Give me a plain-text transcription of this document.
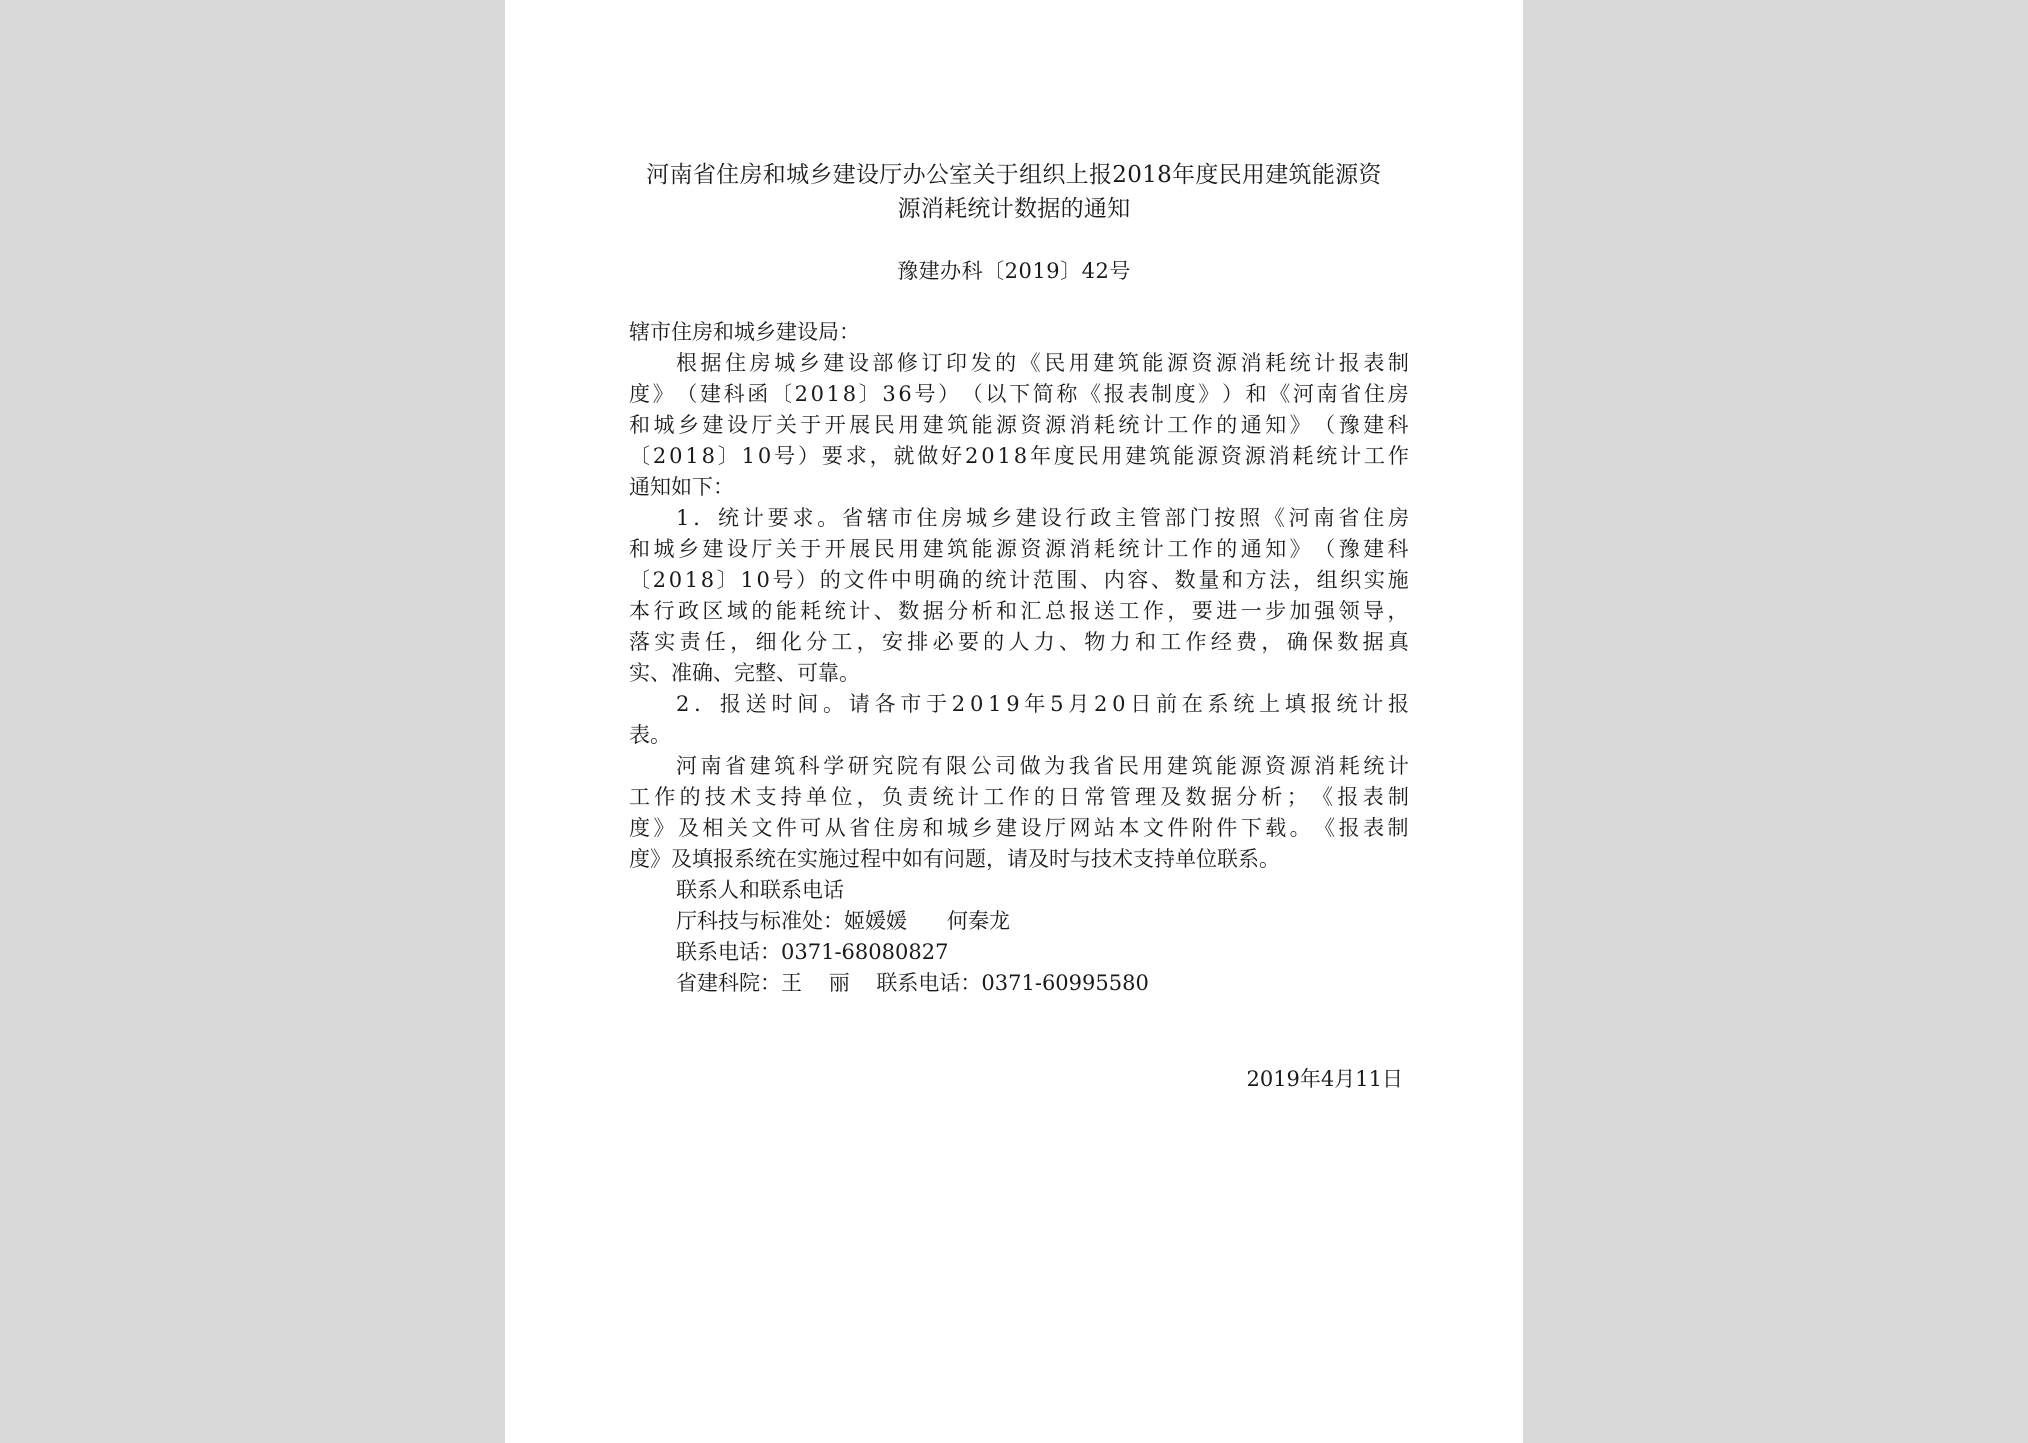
河南省住房和城乡建设厅办公室关于组织上报2018年度民用建筑能源资
源消耗统计数据的通知
豫建办科〔2019〕42号
辖市住房和城乡建设局：
根 据 住 房 城 乡 建 设 部 修 订 印 发 的 《 民 用 建 筑 能 源 资 源 消 耗 统 计 报 表 制
度 》 （ 建 科 函 〔 2 0 1 8 〕 3 6 号 ） （ 以 下 简 称 《 报 表 制 度 》 ） 和 《 河 南 省 住 房
和 城 乡 建 设 厅 关 于 开 展 民 用 建 筑 能 源 资 源 消 耗 统 计 工 作 的 通 知 》 （ 豫 建 科
〔 2 0 1 8 〕 1 0 号 ） 要 求 ， 就 做 好 2 0 1 8 年 度 民 用 建 筑 能 源 资 源 消 耗 统 计 工 作
通知如下：
1 ． 统 计 要 求 。 省 辖 市 住 房 城 乡 建 设 行 政 主 管 部 门 按 照 《 河 南 省 住 房
和 城 乡 建 设 厅 关 于 开 展 民 用 建 筑 能 源 资 源 消 耗 统 计 工 作 的 通 知 》 （ 豫 建 科
〔 2 0 1 8 〕 1 0 号 ） 的 文 件 中 明 确 的 统 计 范 围 、 内 容 、 数 量 和 方 法 ， 组 织 实 施
本 行 政 区 域 的 能 耗 统 计 、 数 据 分 析 和 汇 总 报 送 工 作 ， 要 进 一 步 加 强 领 导 ，
落 实 责 任 ， 细 化 分 工 ， 安 排 必 要 的 人 力 、 物 力 和 工 作 经 费 ， 确 保 数 据 真
实、准确、完整、可靠。
2 ． 报 送 时 间 。 请 各 市 于 2 0 1 9 年 5 月 2 0 日 前 在 系 统 上 填 报 统 计 报
表。
河 南 省 建 筑 科 学 研 究 院 有 限 公 司 做 为 我 省 民 用 建 筑 能 源 资 源 消 耗 统 计
工 作 的 技 术 支 持 单 位 ， 负 责 统 计 工 作 的 日 常 管 理 及 数 据 分 析 ； 《 报 表 制
度 》 及 相 关 文 件 可 从 省 住 房 和 城 乡 建 设 厅 网 站 本 文 件 附 件 下 载 。 《 报 表 制
度》及填报系统在实施过程中如有问题，请及时与技术支持单位联系。
联系人和联系电话
厅科技与标准处：姬媛媛      何秦龙
联系电话：0371-68080827
省建科院：王    丽    联系电话：0371-60995580
2019年4月11日
